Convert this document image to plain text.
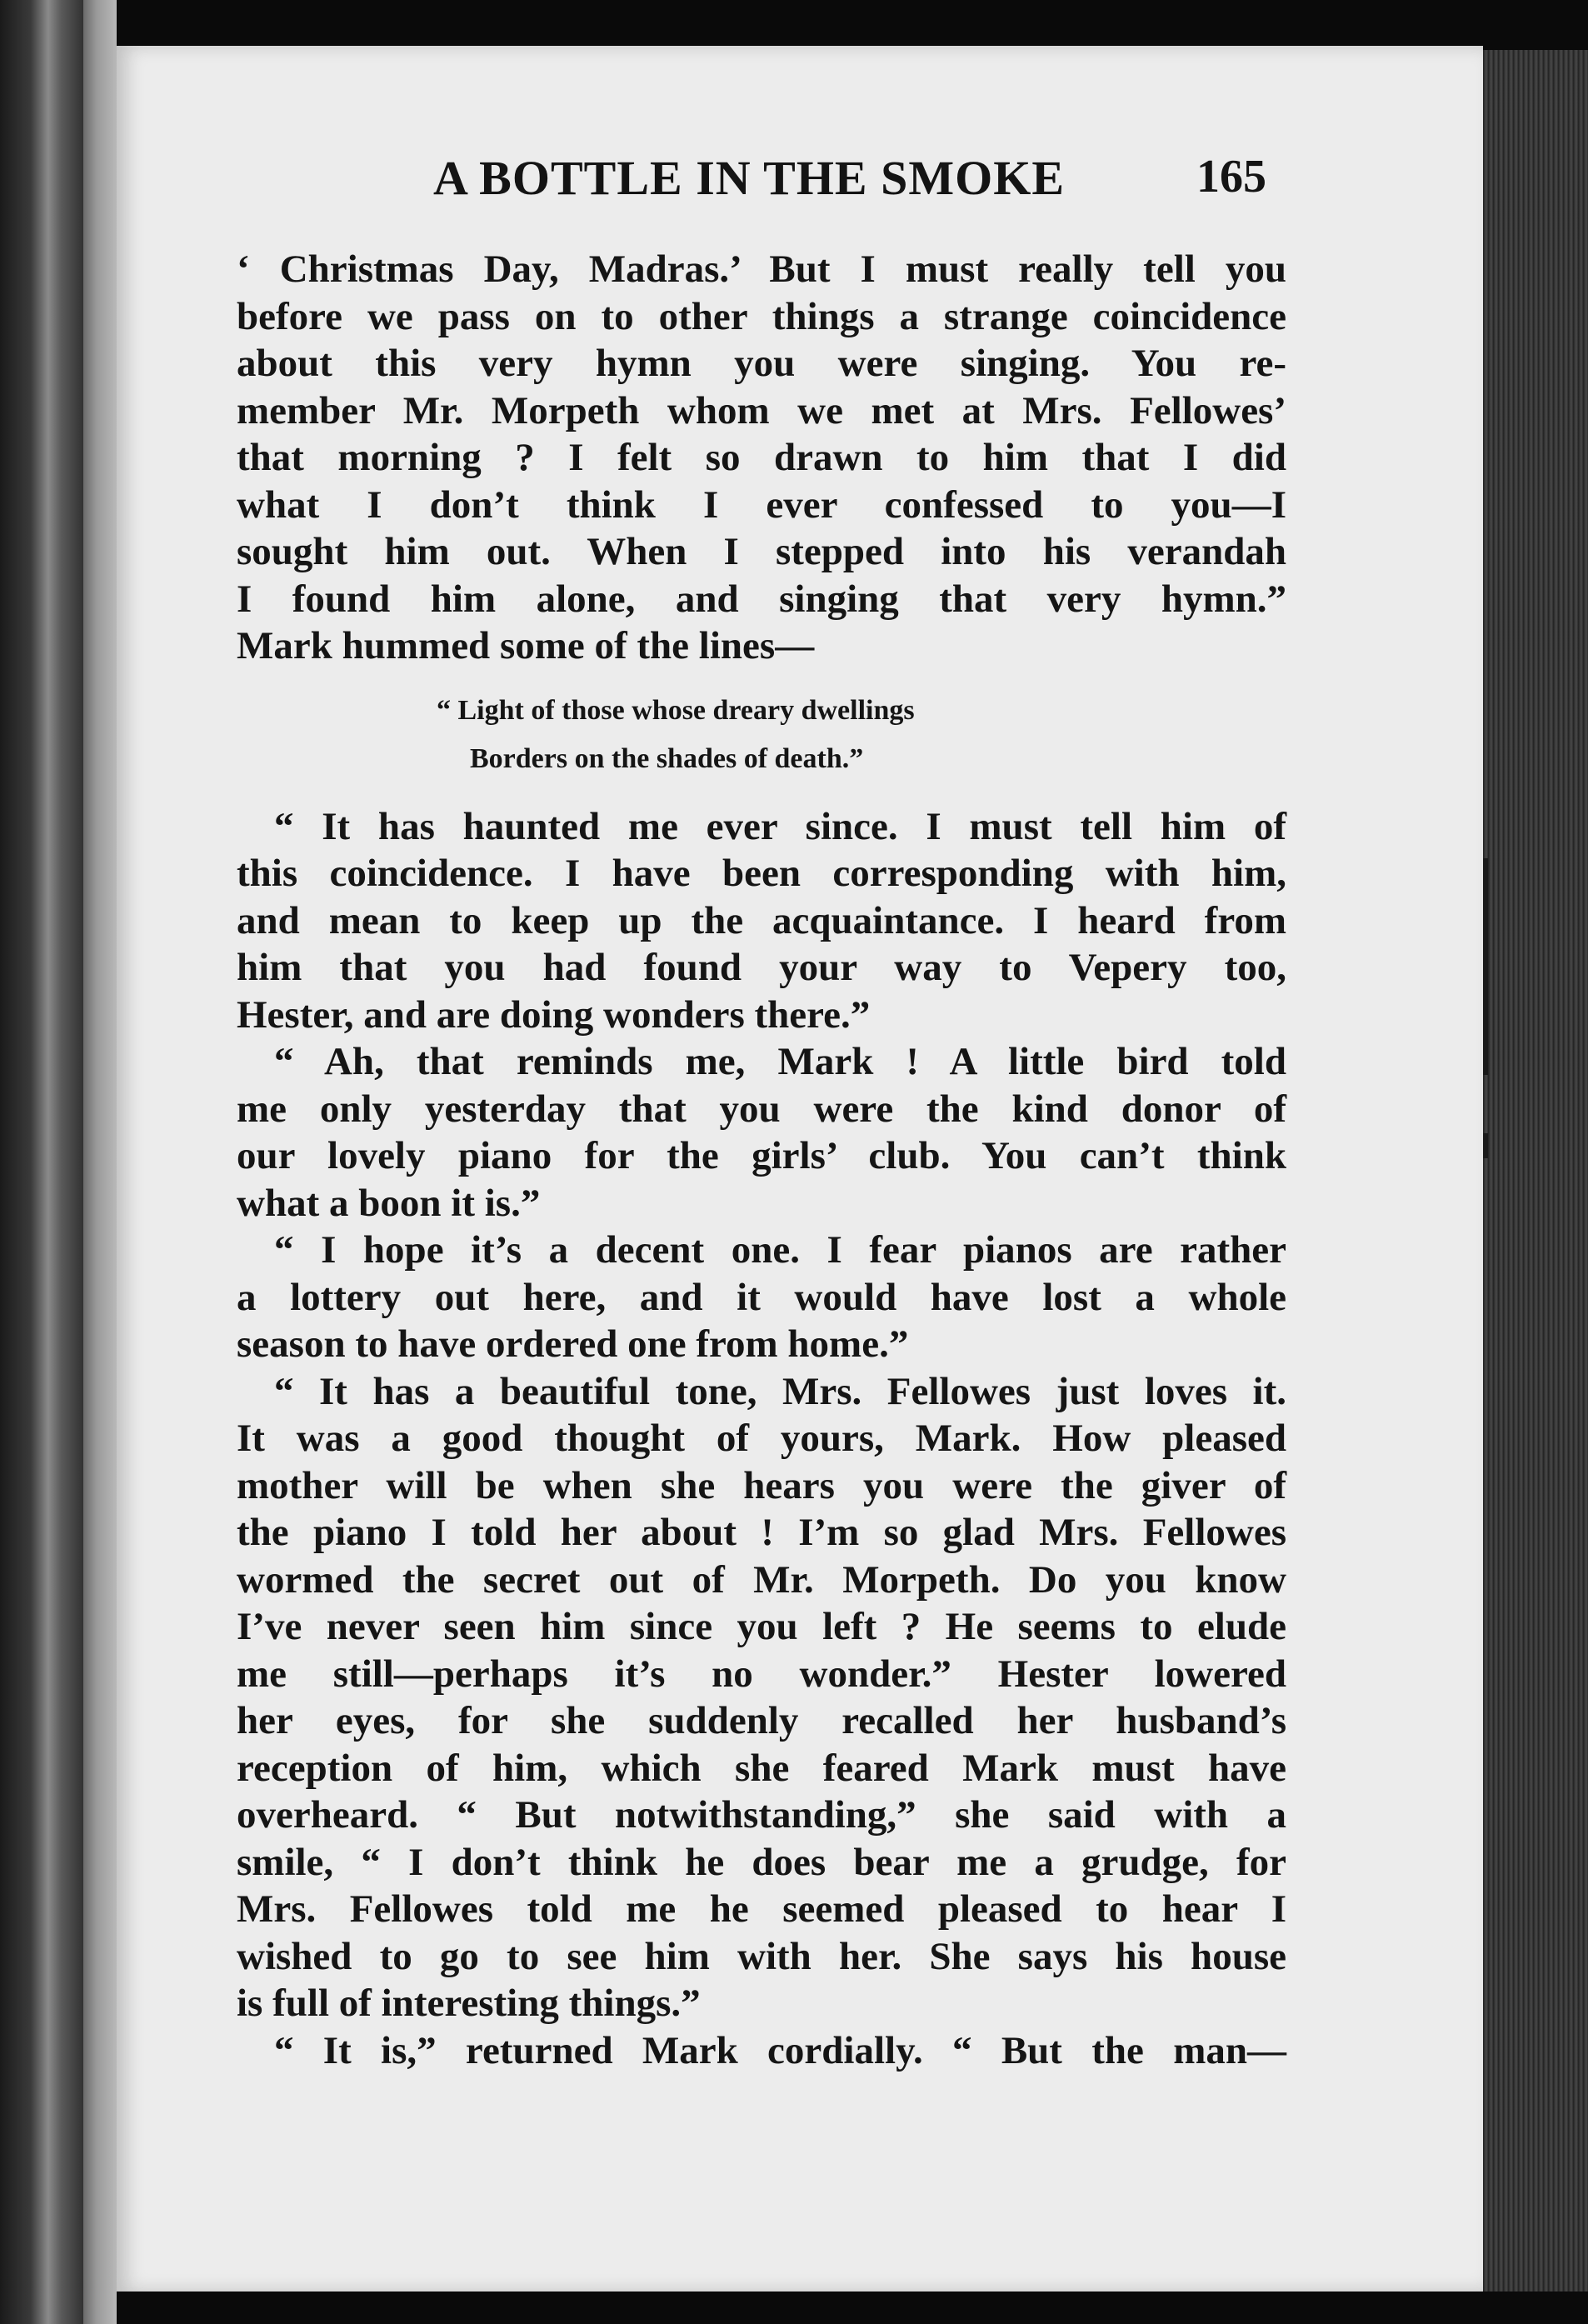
A BOTTLE IN THE SMOKE	165
‘ Christmas Day, Madras.’ But I must really tell you
before we pass on to other things a strange coincidence
about this very hymn you were singing. You re-
member Mr. Morpeth whom we met at Mrs. Fellowes’
that morning ? I felt so drawn to him that I did
what I don’t think I ever confessed to you—I
sought him out. When I stepped into his verandah
I found him alone, and singing that very hymn.”
Mark hummed some of the lines—
“ Light of those whose dreary dwellings
Borders on the shades of death.”
“ It has haunted me ever since. I must tell him of
this coincidence. I have been corresponding with him,
and mean to keep up the acquaintance. I heard from
him that you had found your way to Vepery too,
Hester, and are doing wonders there.”
“ Ah, that reminds me, Mark ! A little bird told
me only yesterday that you were the kind donor of
our lovely piano for the girls’ club. You can’t think
what a boon it is.”
“ I hope it’s a decent one. I fear pianos are rather
a lottery out here, and it would have lost a whole
season to have ordered one from home.”
“ It has a beautiful tone, Mrs. Fellowes just loves it.
It was a good thought of yours, Mark. How pleased
mother will be when she hears you were the giver of
the piano I told her about ! I’m so glad Mrs. Fellowes
wormed the secret out of Mr. Morpeth. Do you know
I’ve never seen him since you left ? He seems to elude
me still—perhaps it’s no wonder.” Hester lowered
her eyes, for she suddenly recalled her husband’s
reception of him, which she feared Mark must have
overheard. “ But notwithstanding,” she said with a
smile, “ I don’t think he does bear me a grudge, for
Mrs. Fellowes told me he seemed pleased to hear I
wished to go to see him with her. She says his house
is full of interesting things.”
“ It is,” returned Mark cordially. “ But the man—
